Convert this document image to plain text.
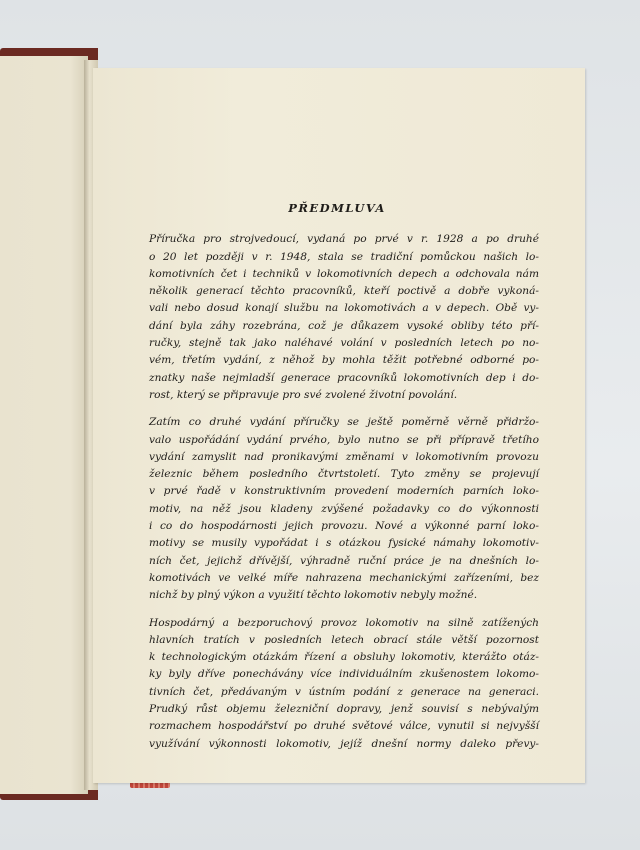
PŘEDMLUVA
Příručka pro strojvedoucí, vydaná po prvé v r. 1928 a po druhé
o 20 let později v r. 1948, stala se tradiční pomůckou našich lo-
komotivních čet i techniků v lokomotivních depech a odchovala nám
několik generací těchto pracovníků, kteří poctivě a dobře vykoná-
vali nebo dosud konají službu na lokomotivách a v depech. Obě vy-
dání byla záhy rozebrána, což je důkazem vysoké obliby této pří-
ručky, stejně tak jako naléhavé volání v posledních letech po no-
vém, třetím vydání, z něhož by mohla těžit potřebné odborné po-
znatky naše nejmladší generace pracovníků lokomotivních dep i do-
rost, který se připravuje pro své zvolené životní povolání.
Zatím co druhé vydání příručky se ještě poměrně věrně přidržo-
valo uspořádání vydání prvého, bylo nutno se při přípravě třetího
vydání zamyslit nad pronikavými změnami v lokomotivním provozu
železnic během posledního čtvrtstoletí. Tyto změny se projevují
v prvé řadě v konstruktivním provedení moderních parních loko-
motiv, na něž jsou kladeny zvýšené požadavky co do výkonnosti
i co do hospodárnosti jejich provozu. Nové a výkonné parní loko-
motivy se musily vypořádat i s otázkou fysické námahy lokomotiv-
ních čet, jejichž dřívější, výhradně ruční práce je na dnešních lo-
komotivách ve velké míře nahrazena mechanickými zařízeními, bez
nichž by plný výkon a využití těchto lokomotiv nebyly možné.
Hospodárný a bezporuchový provoz lokomotiv na silně zatížených
hlavních tratích v posledních letech obrací stále větší pozornost
k technologickým otázkám řízení a obsluhy lokomotiv, kterážto otáz-
ky byly dříve ponechávány více individuálním zkušenostem lokomo-
tivních čet, předávaným v ústním podání z generace na generaci.
Prudký růst objemu železniční dopravy, jenž souvisí s nebývalým
rozmachem hospodářství po druhé světové válce, vynutil si nejvyšší
využívání výkonnosti lokomotiv, jejíž dnešní normy daleko převy-
